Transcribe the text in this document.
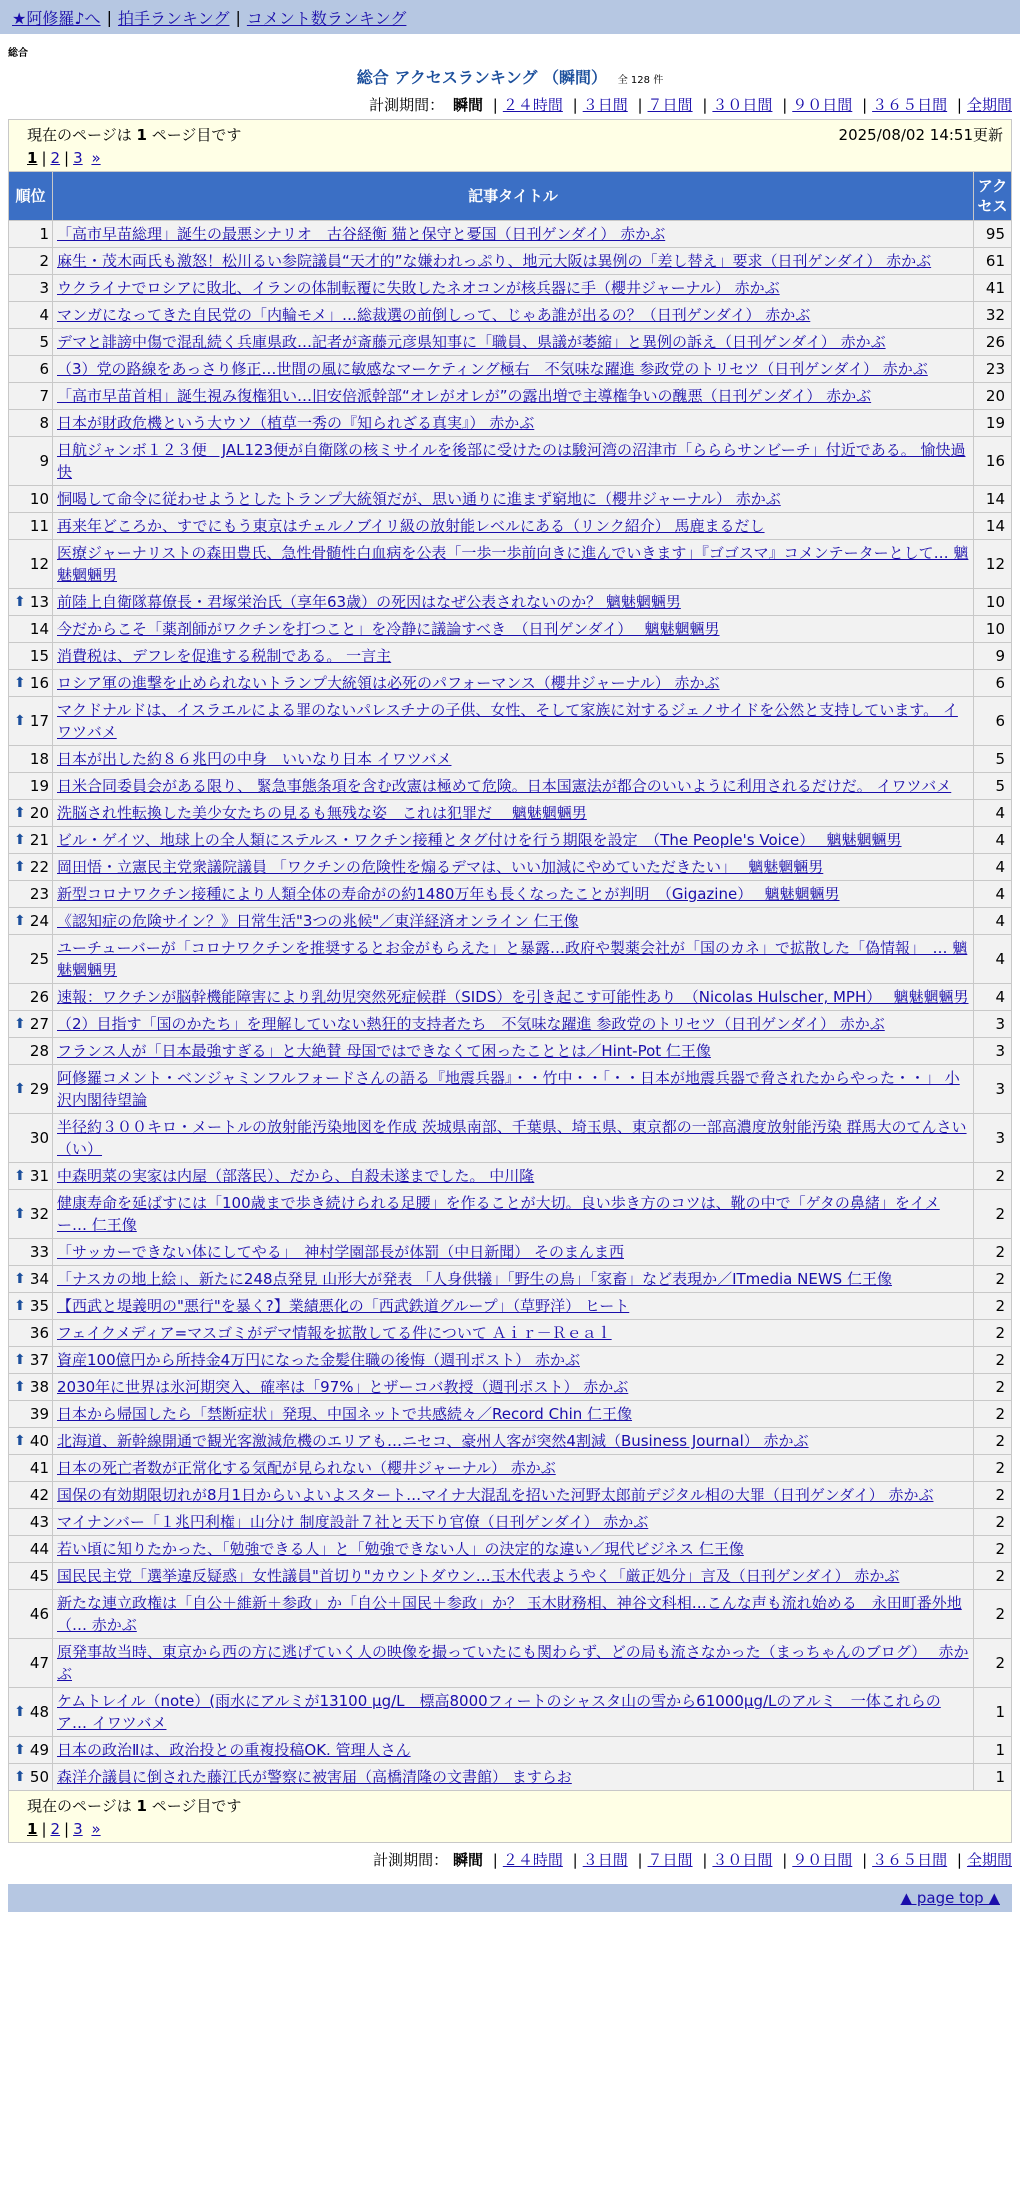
★阿修羅♪へ | 拍手ランキング | コメント数ランキング
総合
総合 アクセスランキング （瞬間） 全 128 件
計測期間： 瞬間 | ２４時間 | ３日間 | ７日間 | ３０日間 | ９０日間 | ３６５日間 | 全期間
現在のページは 1 ページ目です	2025/08/02 14:51更新
1 | 2 | 3 »
順位	記事タイトル	アクセス
1	「高市早苗総理」誕生の最悪シナリオ　古谷経衡 猫と保守と憂国（日刊ゲンダイ） 赤かぶ	95
2	麻生・茂木両氏も激怒！松川るい参院議員“天才的”な嫌われっぷり、地元大阪は異例の「差し替え」要求（日刊ゲンダイ） 赤かぶ	61
3	ウクライナでロシアに敗北、イランの体制転覆に失敗したネオコンが核兵器に手（櫻井ジャーナル） 赤かぶ	41
4	マンガになってきた自民党の「内輪モメ」…総裁選の前倒しって、じゃあ誰が出るの？（日刊ゲンダイ） 赤かぶ	32
5	デマと誹謗中傷で混乱続く兵庫県政…記者が斎藤元彦県知事に「職員、県議が萎縮」と異例の訴え（日刊ゲンダイ） 赤かぶ	26
6	（3）党の路線をあっさり修正…世間の風に敏感なマーケティング極右　不気味な躍進 参政党のトリセツ（日刊ゲンダイ） 赤かぶ	23
7	「高市早苗首相」誕生視み復権狙い…旧安倍派幹部“オレがオレが”の露出増で主導権争いの醜悪（日刊ゲンダイ） 赤かぶ	20
8	日本が財政危機という大ウソ（植草一秀の『知られざる真実』） 赤かぶ	19
9	日航ジャンボ１２３便　JAL123便が自衛隊の核ミサイルを後部に受けたのは駿河湾の沼津市「らららサンビーチ」付近である。 愉快過快	16
10	恫喝して命令に従わせようとしたトランプ大統領だが、思い通りに進まず窮地に（櫻井ジャーナル） 赤かぶ	14
11	再来年どころか、すでにもう東京はチェルノブイリ級の放射能レベルにある（リンク紹介） 馬鹿まるだし	14
12	医療ジャーナリストの森田豊氏、急性骨髄性白血病を公表「一歩一歩前向きに進んでいきます」『ゴゴスマ』コメンテーターとして… 魑魅魍魎男	12

⬆ 13	前陸上自衛隊幕僚長・君塚栄治氏（享年63歳）の死因はなぜ公表されないのか？ 魑魅魍魎男	10
14	今だからこそ「薬剤師がワクチンを打つこと」を冷静に議論すべき　（日刊ゲンダイ）　 魑魅魍魎男	10
15	消費税は、デフレを促進する税制である。 一言主	9

⬆ 16	ロシア軍の進撃を止められないトランプ大統領は必死のパフォーマンス（櫻井ジャーナル） 赤かぶ	6

⬆ 17	マクドナルドは、イスラエルによる罪のないパレスチナの子供、女性、そして家族に対するジェノサイドを公然と支持しています。 イワツバメ	6
18	日本が出した約８６兆円の中身　いいなり日本 イワツバメ	5
19	日米合同委員会がある限り、 緊急事態条項を含む改憲は極めて危険。日本国憲法が都合のいいように利用されるだけだ。 イワツバメ	5

⬆ 20	洗脳され性転換した美少女たちの見るも無残な姿　これは犯罪だ　 魑魅魍魎男	4

⬆ 21	ビル・ゲイツ、地球上の全人類にステルス・ワクチン接種とタグ付けを行う期限を設定　（The People's Voice）　 魑魅魍魎男	4

⬆ 22	岡田悟・立憲民主党衆議院議員 「ワクチンの危険性を煽るデマは、いい加減にやめていただきたい」　 魑魅魍魎男	4
23	新型コロナワクチン接種により人類全体の寿命がの約1480万年も長くなったことが判明　（Gigazine）　 魑魅魍魎男	4

⬆ 24	《認知症の危険サイン？》日常生活"3つの兆候"／東洋経済オンライン 仁王像	4
25	ユーチューバーが「コロナワクチンを推奨するとお金がもらえた」と暴露…政府や製薬会社が「国のカネ」で拡散した「偽情報」　… 魑魅魍魎男	4
26	速報：ワクチンが脳幹機能障害により乳幼児突然死症候群（SIDS）を引き起こす可能性あり　（Nicolas Hulscher, MPH）　 魑魅魍魎男	4

⬆ 27	（2）目指す「国のかたち」を理解していない熱狂的支持者たち　不気味な躍進 参政党のトリセツ（日刊ゲンダイ） 赤かぶ	3
28	フランス人が「日本最強すぎる」と大絶賛 母国ではできなくて困ったこととは／Hint-Pot 仁王像	3

⬆ 29	阿修羅コメント・ベンジャミンフルフォードさんの語る『地震兵器』・・竹中・・「・・日本が地震兵器で脅されたからやった・・」 小沢内閣待望論	3
30	半径約３００キロ・メートルの放射能汚染地図を作成 茨城県南部、千葉県、埼玉県、東京都の一部高濃度放射能汚染 群馬大のてんさい（い）	3

⬆ 31	中森明菜の実家は内屋（部落民）、だから、自殺未遂までした。 中川隆	2

⬆ 32	健康寿命を延ばすには「100歳まで歩き続けられる足腰」を作ることが大切。良い歩き方のコツは、靴の中で「ゲタの鼻緒」をイメー… 仁王像	2
33	「サッカーできない体にしてやる」　神村学園部長が体罰（中日新聞） そのまんま西	2

⬆ 34	「ナスカの地上絵」、新たに248点発見 山形大が発表 「人身供犠」「野生の鳥」「家畜」など表現か／ITmedia NEWS 仁王像	2

⬆ 35	【西武と堤義明の"悪行"を暴く?】業績悪化の「西武鉄道グループ」（草野洋） ヒート	2
36	フェイクメディア=マスゴミがデマ情報を拡散してる件について Ａｉｒ－Ｒｅａｌ	2

⬆ 37	資産100億円から所持金4万円になった金髪住職の後悔（週刊ポスト） 赤かぶ	2

⬆ 38	2030年に世界は氷河期突入、確率は「97%」とザーコバ教授（週刊ポスト） 赤かぶ	2
39	日本から帰国したら「禁断症状」発現、中国ネットで共感続々／Record Chin 仁王像	2

⬆ 40	北海道、新幹線開通で観光客激減危機のエリアも…ニセコ、豪州人客が突然4割減（Business Journal） 赤かぶ	2
41	日本の死亡者数が正常化する気配が見られない（櫻井ジャーナル） 赤かぶ	2
42	国保の有効期限切れが8月1日からいよいよスタート…マイナ大混乱を招いた河野太郎前デジタル相の大罪（日刊ゲンダイ） 赤かぶ	2
43	マイナンバー「１兆円利権」山分け 制度設計７社と天下り官僚（日刊ゲンダイ） 赤かぶ	2
44	若い頃に知りたかった、「勉強できる人」と「勉強できない人」の決定的な違い／現代ビジネス 仁王像	2
45	国民民主党「選挙違反疑惑」女性議員"首切り"カウントダウン…玉木代表ようやく「厳正処分」言及（日刊ゲンダイ） 赤かぶ	2
46	新たな連立政権は「自公＋維新＋参政」か「自公＋国民＋参政」か？ 玉木財務相、神谷文科相…こんな声も流れ始める　永田町番外地（… 赤かぶ	2
47	原発事故当時、東京から西の方に逃げていく人の映像を撮っていたにも関わらず、どの局も流さなかった（まっちゃんのブログ）　 赤かぶ	2

⬆ 48	ケムトレイル（note）(雨水にアルミが13100 μg/L　標高8000フィートのシャスタ山の雪から61000μg/Lのアルミ　一体これらのア… イワツバメ	1

⬆ 49	日本の政治Ⅱは、政治投との重複投稿OK. 管理人さん	1

⬆ 50	森洋介議員に倒された藤江氏が警察に被害届（高橋清隆の文書館） ますらお	1
現在のページは 1 ページ目です
1 | 2 | 3 »
計測期間： 瞬間 | ２４時間 | ３日間 | ７日間 | ３０日間 | ９０日間 | ３６５日間 | 全期間
▲ page top ▲
